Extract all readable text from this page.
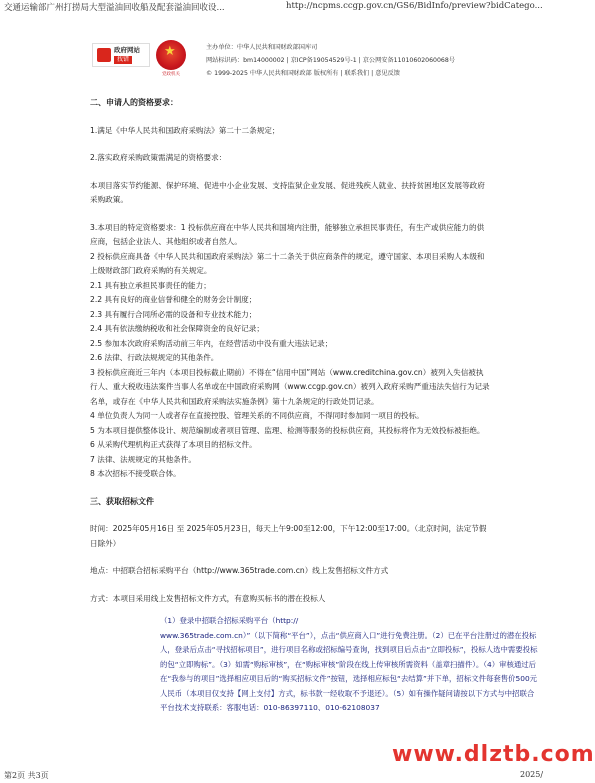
交通运输部广州打捞局大型溢油回收船及配套溢油回收设...	http://ncpms.ccgp.gov.cn/GS6/BidInfo/preview?bidCatego...
政府网站
找错
★
党政机关
主办单位：中华人民共和国财政部国库司
网站标识码：bm14000002 | 京ICP备19054529号-1 | 京公网安备11010602060068号
© 1999-2025 中华人民共和国财政部 版权所有 | 联系我们 | 意见反馈

二、申请人的资格要求：

1.满足《中华人民共和国政府采购法》第二十二条规定；

2.落实政府采购政策需满足的资格要求：

本项目落实节约能源、保护环境、促进中小企业发展、支持监狱企业发展、促进残疾人就业、扶持贫困地区发展等政府采购政策。

3.本项目的特定资格要求：1 投标供应商在中华人民共和国境内注册，能够独立承担民事责任，有生产或供应能力的供应商，包括企业法人、其他组织或者自然人。

2 投标供应商具备《中华人民共和国政府采购法》第二十二条关于供应商条件的规定，遵守国家、本项目采购人本级和上级财政部门政府采购的有关规定。

2.1 具有独立承担民事责任的能力；

2.2 具有良好的商业信誉和健全的财务会计制度；

2.3 具有履行合同所必需的设备和专业技术能力；

2.4 具有依法缴纳税收和社会保障资金的良好记录；

2.5 参加本次政府采购活动前三年内，在经营活动中没有重大违法记录；

2.6 法律、行政法规规定的其他条件。

3 投标供应商近三年内（本项目投标截止期前）不得在“信用中国”网站（www.creditchina.gov.cn）被列入失信被执行人、重大税收违法案件当事人名单或在中国政府采购网（www.ccgp.gov.cn）被列入政府采购严重违法失信行为记录名单，或存在《中华人民共和国政府采购法实施条例》第十九条规定的行政处罚记录。

4 单位负责人为同一人或者存在直接控股、管理关系的不同供应商，不得同时参加同一项目的投标。

5 为本项目提供整体设计、规范编制或者项目管理、监理、检测等服务的投标供应商，其投标将作为无效投标被拒绝。

6 从采购代理机构正式获得了本项目的招标文件。

7 法律、法规规定的其他条件。

8 本次招标不接受联合体。

三、获取招标文件

时间：2025年05月16日 至 2025年05月23日，每天上午9:00至12:00，下午12:00至17:00。（北京时间，法定节假日除外）

地点：中招联合招标采购平台（http://www.365trade.com.cn）线上发售招标文件方式

方式：本项目采用线上发售招标文件方式，有意购买标书的潜在投标人

（1）登录中招联合招标采购平台（http://

www.365trade.com.cn）”（以下简称“平台”），点击“供应商入口”进行免费注册。（2）已在平台注册过的潜在投标人，登录后点击“寻找招标项目”，进行项目名称或招标编号查询，找到项目后点击“立即投标”，投标人选中需要投标的包“立即购标”。（3）如需“购标审核”，在“购标审核”阶段在线上传审核所需资料（盖章扫描件）。（4）审核通过后在“我参与的项目”选择相应项目后的“购买招标文件”按钮，选择相应标包“去结算”并下单，招标文件每套售价500元人民币（本项目仅支持【网上支付】方式，标书款一经收取不予退还）。（5）如有操作疑问请按以下方式与中招联合平台技术支持联系：客服电话：010-86397110、010-62108037

www.dlztb.com
第2页 共3页	2025/
